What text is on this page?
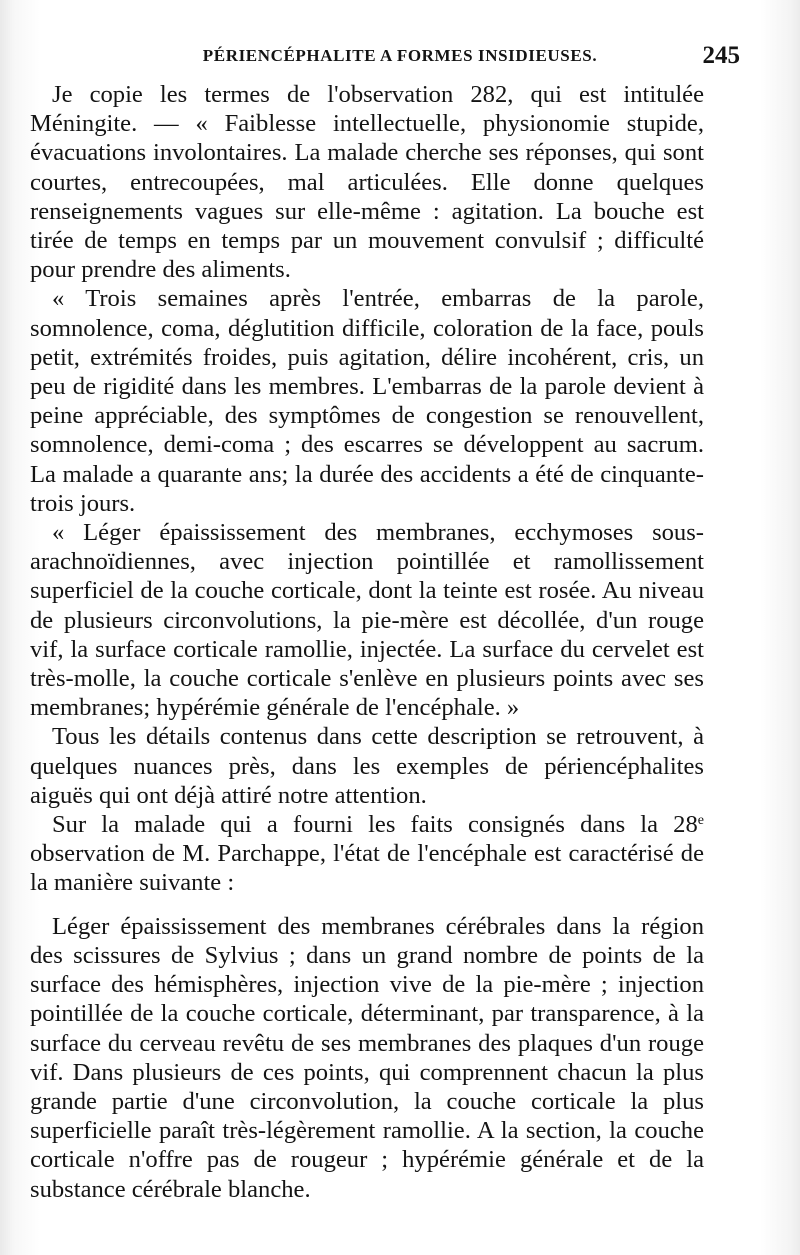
PÉRIENCÉPHALITE A FORMES INSIDIEUSES.	245

Je copie les termes de l'observation 282, qui est intitulée Méningite. — « Faiblesse intellectuelle, physionomie stupide, évacuations involontaires. La malade cherche ses réponses, qui sont courtes, entrecoupées, mal articulées. Elle donne quelques renseignements vagues sur elle-même : agitation. La bouche est tirée de temps en temps par un mouvement convulsif ; difficulté pour prendre des aliments.

« Trois semaines après l'entrée, embarras de la parole, somnolence, coma, déglutition difficile, coloration de la face, pouls petit, extrémités froides, puis agitation, délire incohérent, cris, un peu de rigidité dans les membres. L'embarras de la parole devient à peine appréciable, des symptômes de congestion se renouvellent, somnolence, demi-coma ; des escarres se développent au sacrum. La malade a quarante ans; la durée des accidents a été de cinquante-trois jours.

« Léger épaississement des membranes, ecchymoses sous-arachnoïdiennes, avec injection pointillée et ramollissement superficiel de la couche corticale, dont la teinte est rosée. Au niveau de plusieurs circonvolutions, la pie-mère est décollée, d'un rouge vif, la surface corticale ramollie, injectée. La surface du cervelet est très-molle, la couche corticale s'enlève en plusieurs points avec ses membranes; hypérémie générale de l'encéphale. »

Tous les détails contenus dans cette description se retrouvent, à quelques nuances près, dans les exemples de périencéphalites aiguës qui ont déjà attiré notre attention.

Sur la malade qui a fourni les faits consignés dans la 28e observation de M. Parchappe, l'état de l'encéphale est caractérisé de la manière suivante :

Léger épaississement des membranes cérébrales dans la région des scissures de Sylvius ; dans un grand nombre de points de la surface des hémisphères, injection vive de la pie-mère ; injection pointillée de la couche corticale, déterminant, par transparence, à la surface du cerveau revêtu de ses membranes des plaques d'un rouge vif. Dans plusieurs de ces points, qui comprennent chacun la plus grande partie d'une circonvolution, la couche corticale la plus superficielle paraît très-légèrement ramollie. A la section, la couche corticale n'offre pas de rougeur ; hypérémie générale et de la substance cérébrale blanche.
